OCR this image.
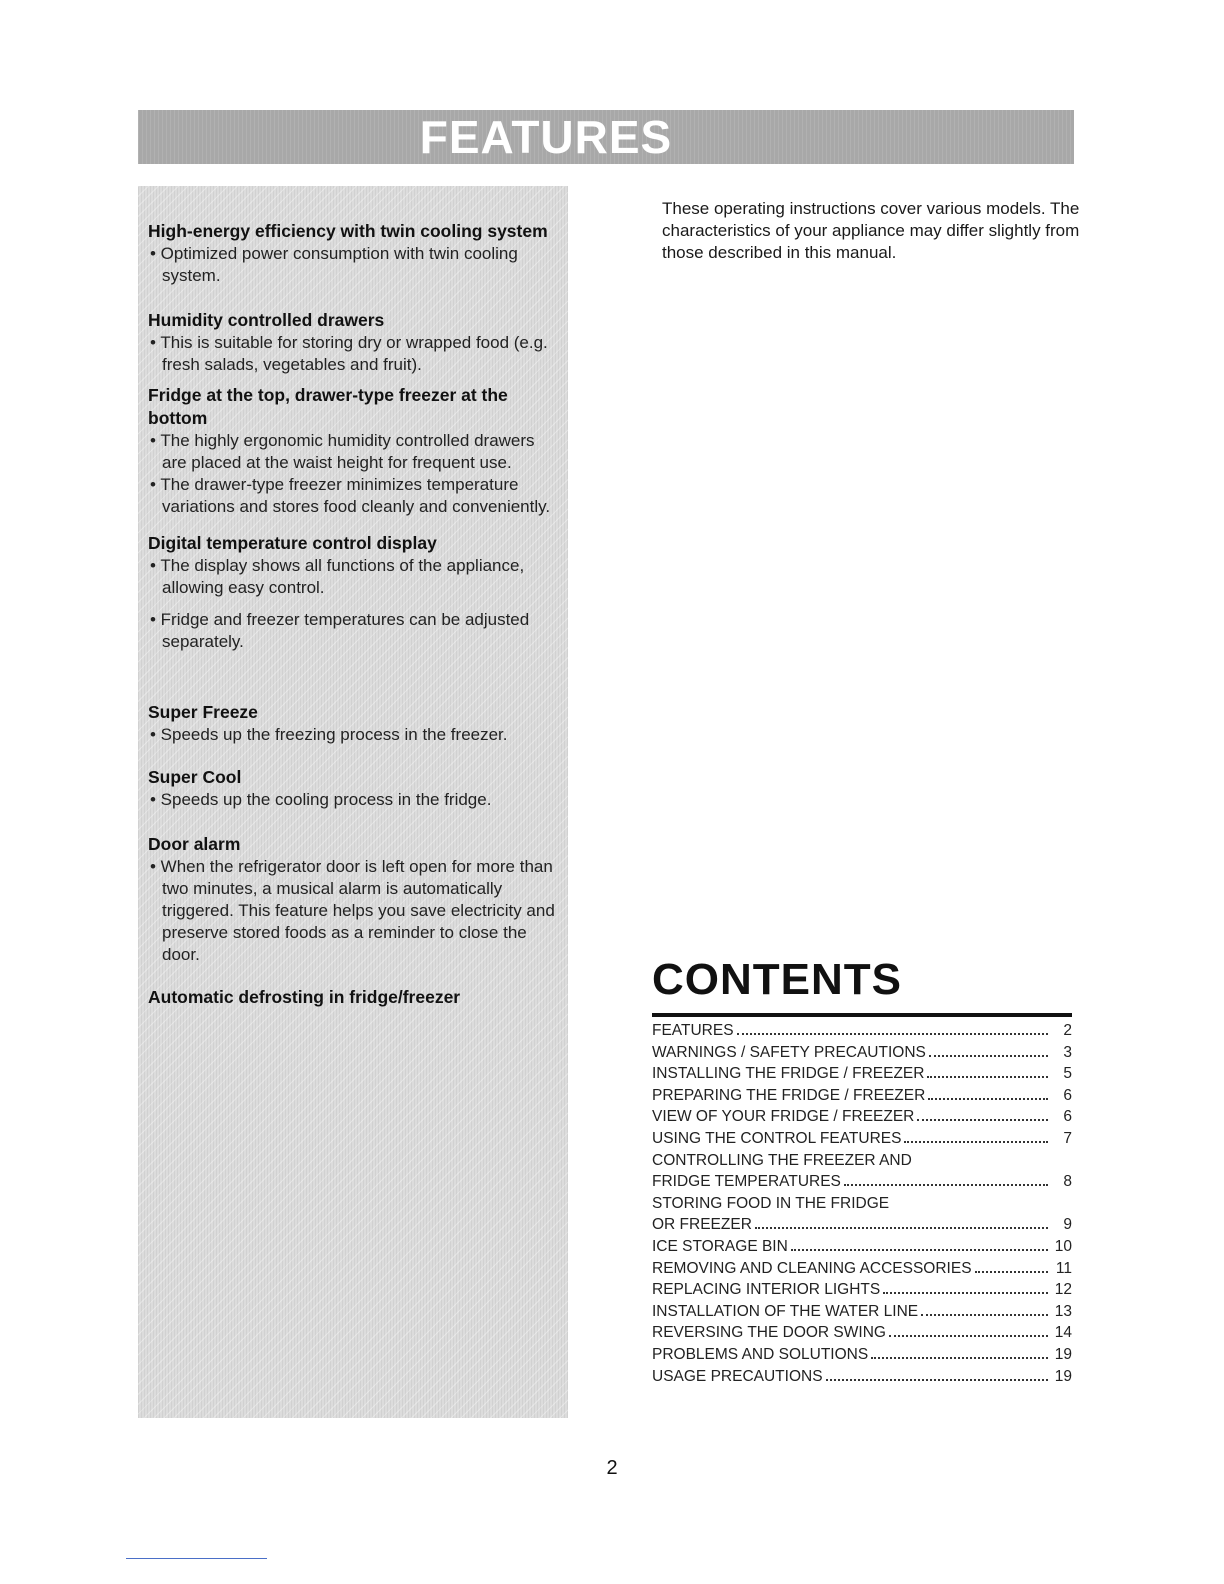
FEATURES
High-energy efficiency with twin cooling system
• Optimized power consumption with twin cooling system.
Humidity controlled drawers
• This is suitable for storing dry or wrapped food (e.g. fresh salads, vegetables and fruit).
Fridge at the top, drawer-type freezer at the bottom
• The highly ergonomic humidity controlled drawers are placed at the waist height for frequent use.
• The drawer-type freezer minimizes temperature variations and stores food cleanly and conveniently.
Digital temperature control display
• The display shows all functions of the appliance, allowing easy control.
• Fridge and freezer temperatures can be adjusted separately.
Super Freeze
• Speeds up the freezing process in the freezer.
Super Cool
• Speeds up the cooling process in the fridge.
Door alarm
• When the refrigerator door is left open for more than two minutes, a musical alarm is automatically triggered. This feature helps you save electricity and preserve stored foods as a reminder to close the door.
Automatic defrosting in fridge/freezer
These operating instructions cover various models. The characteristics of your appliance may differ slightly from those described in this manual.
CONTENTS
FEATURES	2
WARNINGS / SAFETY PRECAUTIONS	3
INSTALLING THE FRIDGE / FREEZER	5
PREPARING THE FRIDGE / FREEZER	6
VIEW OF YOUR FRIDGE / FREEZER	6
USING THE CONTROL FEATURES	7
CONTROLLING THE FREEZER AND
FRIDGE TEMPERATURES	8
STORING FOOD IN THE FRIDGE
OR FREEZER	9
ICE STORAGE BIN	10
REMOVING AND CLEANING ACCESSORIES	11
REPLACING INTERIOR LIGHTS	12
INSTALLATION OF THE WATER LINE	13
REVERSING THE DOOR SWING	14
PROBLEMS AND SOLUTIONS	19
USAGE PRECAUTIONS	19
2
